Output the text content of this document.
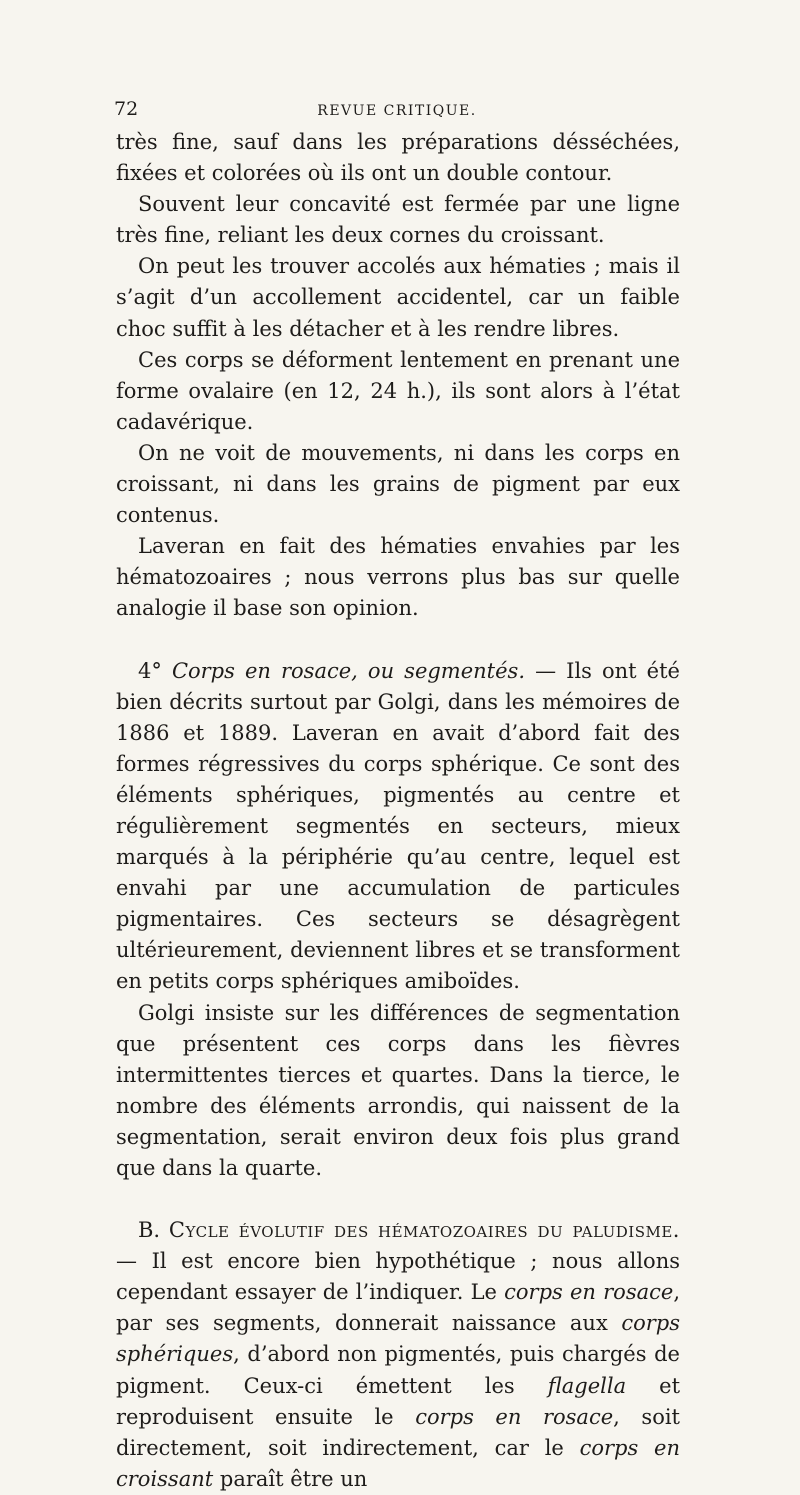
72	REVUE CRITIQUE.

très fine, sauf dans les préparations désséchées, fixées et colorées où ils ont un double contour.

Souvent leur concavité est fermée par une ligne très fine, reliant les deux cornes du croissant.

On peut les trouver accolés aux hématies ; mais il s’agit d’un accollement accidentel, car un faible choc suffit à les détacher et à les rendre libres.

Ces corps se déforment lentement en prenant une forme ovalaire (en 12, 24 h.), ils sont alors à l’état cadavérique.

On ne voit de mouvements, ni dans les corps en croissant, ni dans les grains de pigment par eux contenus.

Laveran en fait des hématies envahies par les hématozoaires ; nous verrons plus bas sur quelle analogie il base son opinion.

4° Corps en rosace, ou segmentés. — Ils ont été bien décrits surtout par Golgi, dans les mémoires de 1886 et 1889. Laveran en avait d’abord fait des formes régressives du corps sphérique. Ce sont des éléments sphériques, pigmentés au centre et régulièrement segmentés en secteurs, mieux marqués à la périphérie qu’au centre, lequel est envahi par une accumulation de particules pigmentaires. Ces secteurs se désagrègent ultérieurement, deviennent libres et se transforment en petits corps sphériques amiboïdes.

Golgi insiste sur les différences de segmentation que présentent ces corps dans les fièvres intermittentes tierces et quartes. Dans la tierce, le nombre des éléments arrondis, qui naissent de la segmentation, serait environ deux fois plus grand que dans la quarte.

B. Cycle évolutif des hématozoaires du paludisme. — Il est encore bien hypothétique ; nous allons cependant essayer de l’indiquer. Le corps en rosace, par ses segments, donnerait naissance aux corps sphériques, d’abord non pigmentés, puis chargés de pigment. Ceux-ci émettent les flagella et reproduisent ensuite le corps en rosace, soit directement, soit indirectement, car le corps en croissant paraît être un
